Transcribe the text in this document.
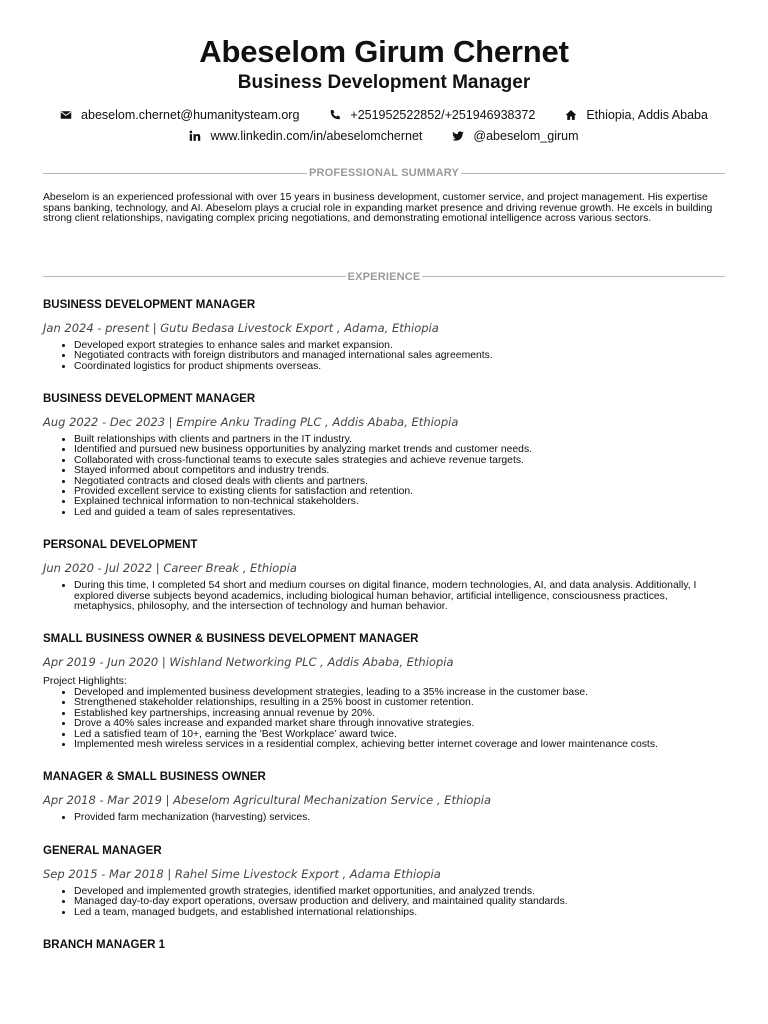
Abeselom Girum Chernet
Business Development Manager
abeselom.chernet@humanitysteam.org	+251952522852/+251946938372	Ethiopia, Addis Ababa
www.linkedin.com/in/abeselomchernet	@abeselom_girum
PROFESSIONAL SUMMARY
Abeselom is an experienced professional with over 15 years in business development, customer service, and project management. His expertise spans banking, technology, and AI. Abeselom plays a crucial role in expanding market presence and driving revenue growth. He excels in building strong client relationships, navigating complex pricing negotiations, and demonstrating emotional intelligence across various sectors.
EXPERIENCE
BUSINESS DEVELOPMENT MANAGER
Jan 2024 - present | Gutu Bedasa Livestock Export , Adama, Ethiopia
• Developed export strategies to enhance sales and market expansion.
• Negotiated contracts with foreign distributors and managed international sales agreements.
• Coordinated logistics for product shipments overseas.
BUSINESS DEVELOPMENT MANAGER
Aug 2022 - Dec 2023 | Empire Anku Trading PLC , Addis Ababa, Ethiopia
• Built relationships with clients and partners in the IT industry.
• Identified and pursued new business opportunities by analyzing market trends and customer needs.
• Collaborated with cross-functional teams to execute sales strategies and achieve revenue targets.
• Stayed informed about competitors and industry trends.
• Negotiated contracts and closed deals with clients and partners.
• Provided excellent service to existing clients for satisfaction and retention.
• Explained technical information to non-technical stakeholders.
• Led and guided a team of sales representatives.
PERSONAL DEVELOPMENT
Jun 2020 - Jul 2022 | Career Break , Ethiopia
• During this time, I completed 54 short and medium courses on digital finance, modern technologies, AI, and data analysis. Additionally, I explored diverse subjects beyond academics, including biological human behavior, artificial intelligence, consciousness practices, metaphysics, philosophy, and the intersection of technology and human behavior.
SMALL BUSINESS OWNER & BUSINESS DEVELOPMENT MANAGER
Apr 2019 - Jun 2020 | Wishland Networking PLC , Addis Ababa, Ethiopia
Project Highlights:
• Developed and implemented business development strategies, leading to a 35% increase in the customer base.
• Strengthened stakeholder relationships, resulting in a 25% boost in customer retention.
• Established key partnerships, increasing annual revenue by 20%.
• Drove a 40% sales increase and expanded market share through innovative strategies.
• Led a satisfied team of 10+, earning the 'Best Workplace' award twice.
• Implemented mesh wireless services in a residential complex, achieving better internet coverage and lower maintenance costs.
MANAGER & SMALL BUSINESS OWNER
Apr 2018 - Mar 2019 | Abeselom Agricultural Mechanization Service , Ethiopia
• Provided farm mechanization (harvesting) services.
GENERAL MANAGER
Sep 2015 - Mar 2018 | Rahel Sime Livestock Export , Adama Ethiopia
• Developed and implemented growth strategies, identified market opportunities, and analyzed trends.
• Managed day-to-day export operations, oversaw production and delivery, and maintained quality standards.
• Led a team, managed budgets, and established international relationships.
BRANCH MANAGER 1
